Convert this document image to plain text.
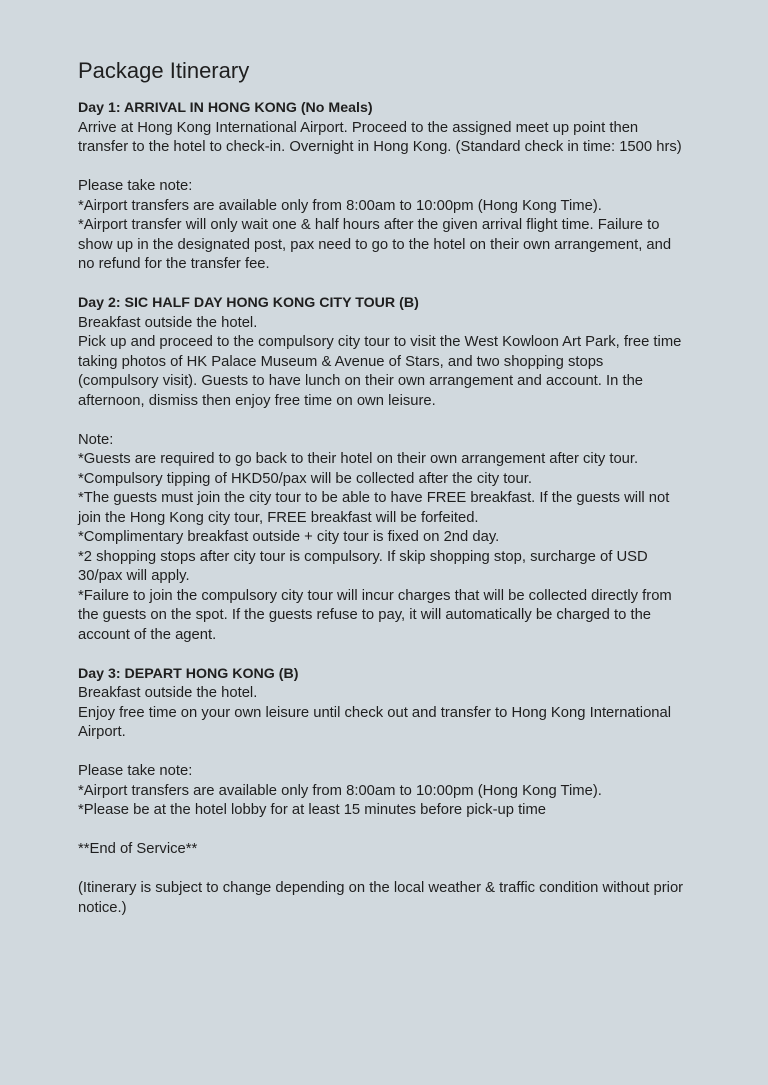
Package Itinerary
Day 1: ARRIVAL IN HONG KONG (No Meals)

Arrive at Hong Kong International Airport. Proceed to the assigned meet up point then transfer to the hotel to check-in. Overnight in Hong Kong. (Standard check in time: 1500 hrs)

Please take note:

*Airport transfers are available only from 8:00am to 10:00pm (Hong Kong Time).

*Airport transfer will only wait one & half hours after the given arrival flight time. Failure to show up in the designated post, pax need to go to the hotel on their own arrangement, and no refund for the transfer fee.

Day 2: SIC HALF DAY HONG KONG CITY TOUR (B)

Breakfast outside the hotel.

Pick up and proceed to the compulsory city tour to visit the West Kowloon Art Park, free time taking photos of HK Palace Museum & Avenue of Stars, and two shopping stops (compulsory visit). Guests to have lunch on their own arrangement and account. In the afternoon, dismiss then enjoy free time on own leisure.

Note:

*Guests are required to go back to their hotel on their own arrangement after city tour.

*Compulsory tipping of HKD50/pax will be collected after the city tour.

*The guests must join the city tour to be able to have FREE breakfast. If the guests will not join the Hong Kong city tour, FREE breakfast will be forfeited.

*Complimentary breakfast outside + city tour is fixed on 2nd day.

*2 shopping stops after city tour is compulsory. If skip shopping stop, surcharge of USD 30/pax will apply.

*Failure to join the compulsory city tour will incur charges that will be collected directly from the guests on the spot. If the guests refuse to pay, it will automatically be charged to the account of the agent.

Day 3: DEPART HONG KONG (B)

Breakfast outside the hotel.

Enjoy free time on your own leisure until check out and transfer to Hong Kong International Airport.

Please take note:

*Airport transfers are available only from 8:00am to 10:00pm (Hong Kong Time).

*Please be at the hotel lobby for at least 15 minutes before pick-up time

**End of Service**

(Itinerary is subject to change depending on the local weather & traffic condition without prior notice.)
